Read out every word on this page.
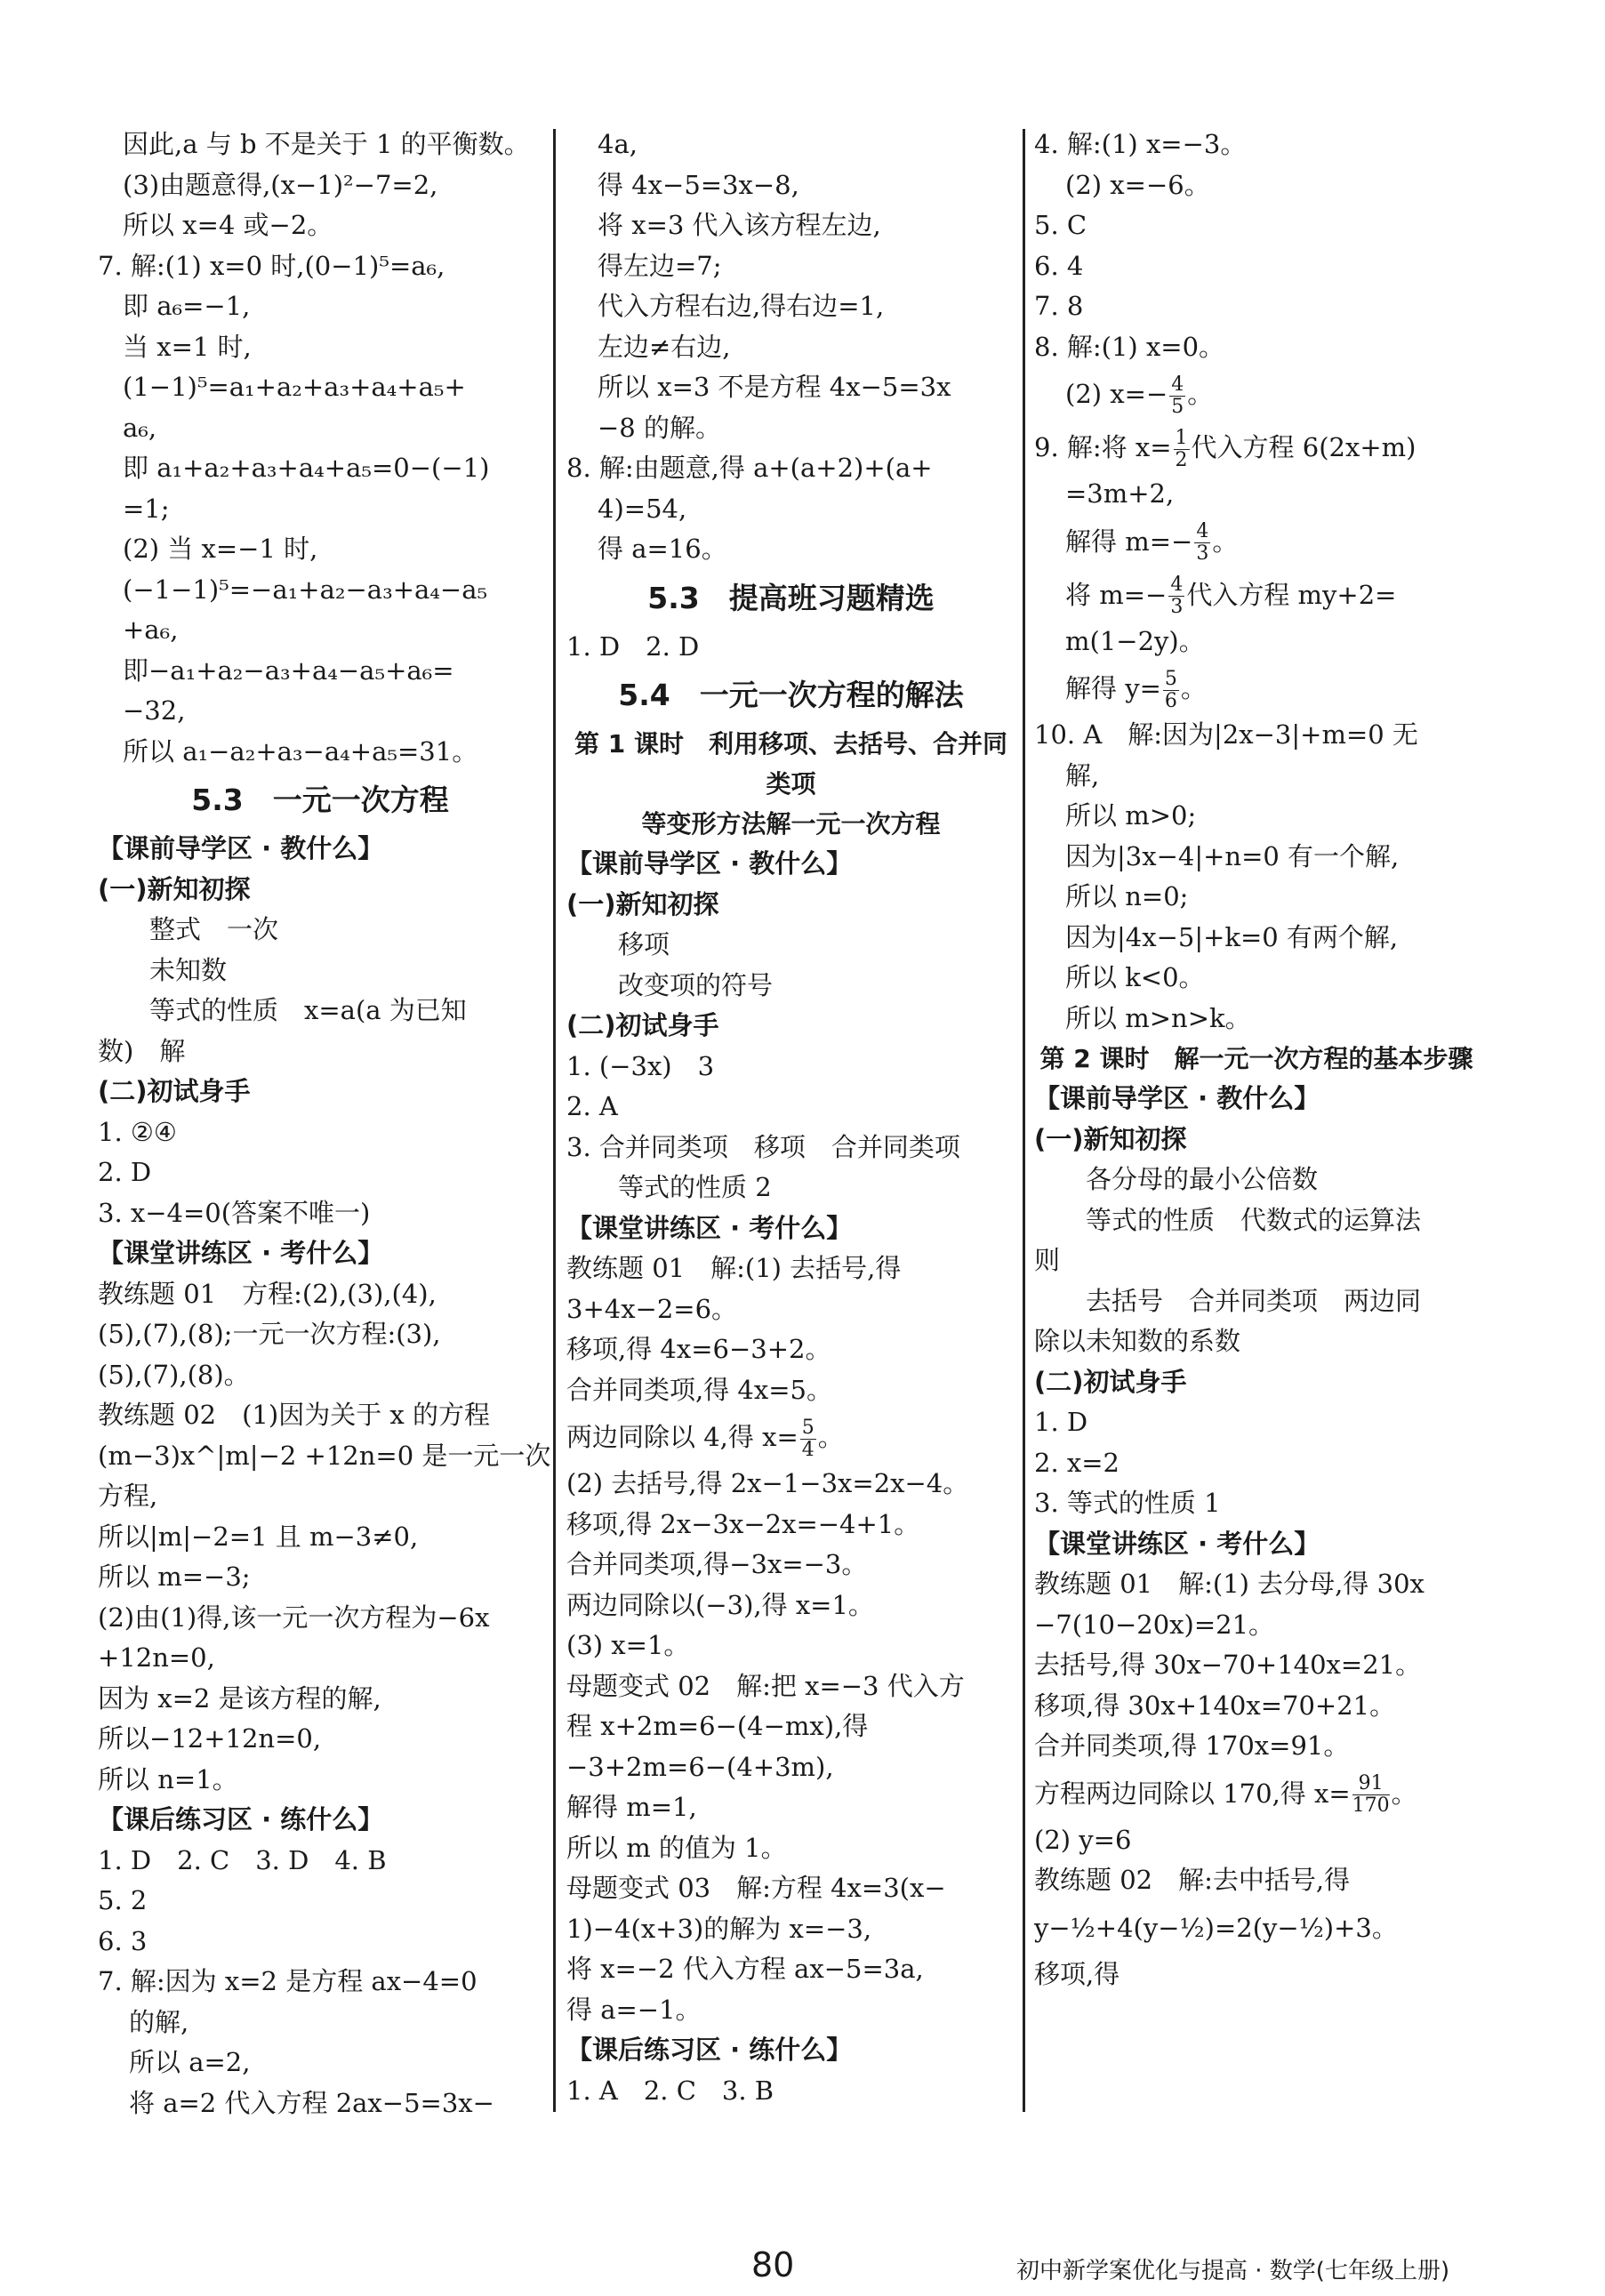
因此,a 与 b 不是关于 1 的平衡数。
(3)由题意得,(x−1)²−7=2,
所以 x=4 或−2。
7. 解:(1) x=0 时,(0−1)⁵=a₆,
即 a₆=−1,
当 x=1 时,
(1−1)⁵=a₁+a₂+a₃+a₄+a₅+
a₆,
即 a₁+a₂+a₃+a₄+a₅=0−(−1)
=1;
(2) 当 x=−1 时,
(−1−1)⁵=−a₁+a₂−a₃+a₄−a₅
+a₆,
即−a₁+a₂−a₃+a₄−a₅+a₆=
−32,
所以 a₁−a₂+a₃−a₄+a₅=31。
5.3　一元一次方程
【课前导学区 · 教什么】
(一)新知初探
整式　一次
未知数
等式的性质　x=a(a 为已知
数)　解
(二)初试身手
1. ②④
2. D
3. x−4=0(答案不唯一)
【课堂讲练区 · 考什么】
教练题 01　方程:(2),(3),(4),
(5),(7),(8);一元一次方程:(3),
(5),(7),(8)。
教练题 02　(1)因为关于 x 的方程
(m−3)x^|m|−2 +12n=0 是一元一次
方程,
所以|m|−2=1 且 m−3≠0,
所以 m=−3;
(2)由(1)得,该一元一次方程为−6x
+12n=0,
因为 x=2 是该方程的解,
所以−12+12n=0,
所以 n=1。
【课后练习区 · 练什么】
1. D　2. C　3. D　4. B
5. 2
6. 3
7. 解:因为 x=2 是方程 ax−4=0
的解,
所以 a=2,
将 a=2 代入方程 2ax−5=3x−
4a,
得 4x−5=3x−8,
将 x=3 代入该方程左边,
得左边=7;
代入方程右边,得右边=1,
左边≠右边,
所以 x=3 不是方程 4x−5=3x
−8 的解。
8. 解:由题意,得 a+(a+2)+(a+
4)=54,
得 a=16。
5.3　提高班习题精选
1. D　2. D
5.4　一元一次方程的解法
第 1 课时　利用移项、去括号、合并同类项
等变形方法解一元一次方程
【课前导学区 · 教什么】
(一)新知初探
移项
改变项的符号
(二)初试身手
1. (−3x)　3
2. A
3. 合并同类项　移项　合并同类项
等式的性质 2
【课堂讲练区 · 考什么】
教练题 01　解:(1) 去括号,得
3+4x−2=6。
移项,得 4x=6−3+2。
合并同类项,得 4x=5。
两边同除以 4,得 $x= \frac{5}{4}$ 。
(2) 去括号,得 2x−1−3x=2x−4。
移项,得 2x−3x−2x=−4+1。
合并同类项,得−3x=−3。
两边同除以(−3),得 x=1。
(3) x=1。
母题变式 02　解:把 x=−3 代入方
程 x+2m=6−(4−mx),得
−3+2m=6−(4+3m),
解得 m=1,
所以 m 的值为 1。
母题变式 03　解:方程 4x=3(x−
1)−4(x+3)的解为 x=−3,
将 x=−2 代入方程 ax−5=3a,
得 a=−1。
【课后练习区 · 练什么】
1. A　2. C　3. B
4. 解:(1) x=−3。
(2) x=−6。
5. C
6. 4
7. 8
8. 解:(1) x=0。
(2) $x=- \frac{4}{5}$ 。
9. 解:将 $x= \frac{1}{2}$ 代入方程 6(2x+m)
=3m+2,
解得 $m=- \frac{4}{3}$ 。
将 $m=- \frac{4}{3}$ 代入方程 my+2=
m(1−2y)。
解得 $y= \frac{5}{6}$ 。
10. A　解:因为|2x−3|+m=0 无
解,
所以 m>0;
因为|3x−4|+n=0 有一个解,
所以 n=0;
因为|4x−5|+k=0 有两个解,
所以 k<0。
所以 m>n>k。
第 2 课时　解一元一次方程的基本步骤
【课前导学区 · 教什么】
(一)新知初探
各分母的最小公倍数
等式的性质　代数式的运算法
则
去括号　合并同类项　两边同
除以未知数的系数
(二)初试身手
1. D
2. x=2
3. 等式的性质 1
【课堂讲练区 · 考什么】
教练题 01　解:(1) 去分母,得 30x
−7(10−20x)=21。
去括号,得 30x−70+140x=21。
移项,得 30x+140x=70+21。
合并同类项,得 170x=91。
方程两边同除以 170,得 $x= \frac{91}{170}$ 。
(2) y=6
教练题 02　解:去中括号,得
y−½+4(y−½)=2(y−½)+3。
移项,得
80	初中新学案优化与提高 · 数学(七年级上册)
